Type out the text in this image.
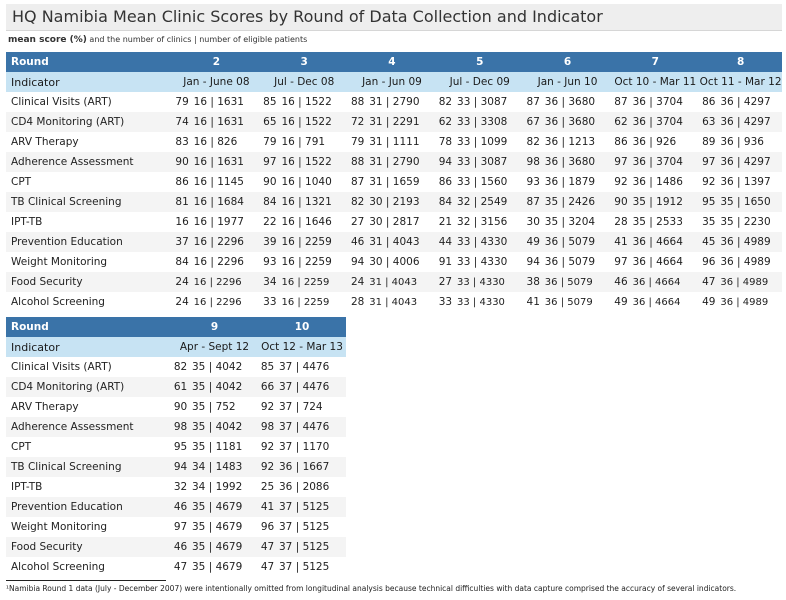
HQ Namibia Mean Clinic Scores by Round of Data Collection and Indicator
mean score (%) and the number of clinics | number of eligible patients
Round	2		3		4		5		6		7		8	
Indicator	Jan - June 08		Jul - Dec 08		Jan - Jun 09		Jul - Dec 09		Jan - Jun 10		Oct 10 - Mar 11		Oct 11 - Mar 12	
Clinical Visits (ART)	79	16 | 1631	85	16 | 1522	88	31 | 2790	82	33 | 3087	87	36 | 3680	87	36 | 3704	86	36 | 4297
CD4 Monitoring (ART)	74	16 | 1631	65	16 | 1522	72	31 | 2291	62	33 | 3308	67	36 | 3680	62	36 | 3704	63	36 | 4297
ARV Therapy	83	16 | 826	79	16 | 791	79	31 | 1111	78	33 | 1099	82	36 | 1213	86	36 | 926	89	36 | 936
Adherence Assessment	90	16 | 1631	97	16 | 1522	88	31 | 2790	94	33 | 3087	98	36 | 3680	97	36 | 3704	97	36 | 4297
CPT	86	16 | 1145	90	16 | 1040	87	31 | 1659	86	33 | 1560	93	36 | 1879	92	36 | 1486	92	36 | 1397
TB Clinical Screening	81	16 | 1684	84	16 | 1321	82	30 | 2193	84	32 | 2549	87	35 | 2426	90	35 | 1912	95	35 | 1650
IPT-TB	16	16 | 1977	22	16 | 1646	27	30 | 2817	21	32 | 3156	30	35 | 3204	28	35 | 2533	35	35 | 2230
Prevention Education	37	16 | 2296	39	16 | 2259	46	31 | 4043	44	33 | 4330	49	36 | 5079	41	36 | 4664	45	36 | 4989
Weight Monitoring	84	16 | 2296	93	16 | 2259	94	30 | 4006	91	33 | 4330	94	36 | 5079	97	36 | 4664	96	36 | 4989
Food Security	24	16 | 2296	34	16 | 2259	24	31 | 4043	27	33 | 4330	38	36 | 5079	46	36 | 4664	47	36 | 4989
Alcohol Screening	24	16 | 2296	33	16 | 2259	28	31 | 4043	33	33 | 4330	41	36 | 5079	49	36 | 4664	49	36 | 4989
Round	9		10	
Indicator	Apr - Sept 12		Oct 12 - Mar 13	
Clinical Visits (ART)	82	35 | 4042	85	37 | 4476
CD4 Monitoring (ART)	61	35 | 4042	66	37 | 4476
ARV Therapy	90	35 | 752	92	37 | 724
Adherence Assessment	98	35 | 4042	98	37 | 4476
CPT	95	35 | 1181	92	37 | 1170
TB Clinical Screening	94	34 | 1483	92	36 | 1667
IPT-TB	32	34 | 1992	25	36 | 2086
Prevention Education	46	35 | 4679	41	37 | 5125
Weight Monitoring	97	35 | 4679	96	37 | 5125
Food Security	46	35 | 4679	47	37 | 5125
Alcohol Screening	47	35 | 4679	47	37 | 5125
¹Namibia Round 1 data (July - December 2007) were intentionally omitted from longitudinal analysis because technical difficulties with data capture comprised the accuracy of several indicators.
